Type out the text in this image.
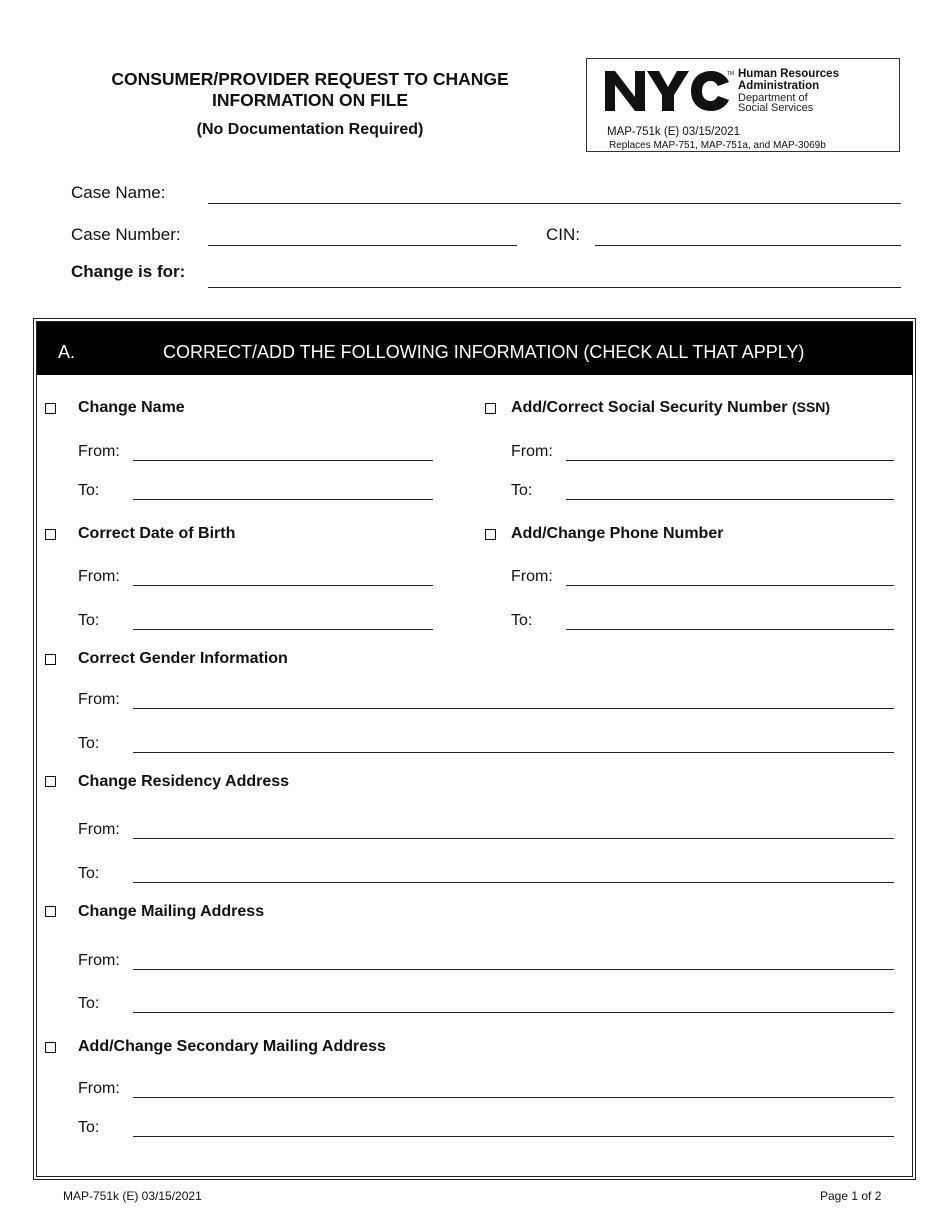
CONSUMER/PROVIDER REQUEST TO CHANGE
INFORMATION ON FILE
(No Documentation Required)
TM Human Resources
Administration
Department of
Social Services
MAP-751k (E) 03/15/2021
Replaces MAP-751, MAP-751a, and MAP-3069b
Case Name:
Case Number:	CIN:
Change is for:
A.	CORRECT/ADD THE FOLLOWING INFORMATION (CHECK ALL THAT APPLY)
Change Name
From:
To:
Add/Correct Social Security Number (SSN)
From:
To:
Correct Date of Birth
From:
To:
Add/Change Phone Number
From:
To:
Correct Gender Information
From:
To:
Change Residency Address
From:
To:
Change Mailing Address
From:
To:
Add/Change Secondary Mailing Address
From:
To:
MAP-751k (E) 03/15/2021	Page 1 of 2
